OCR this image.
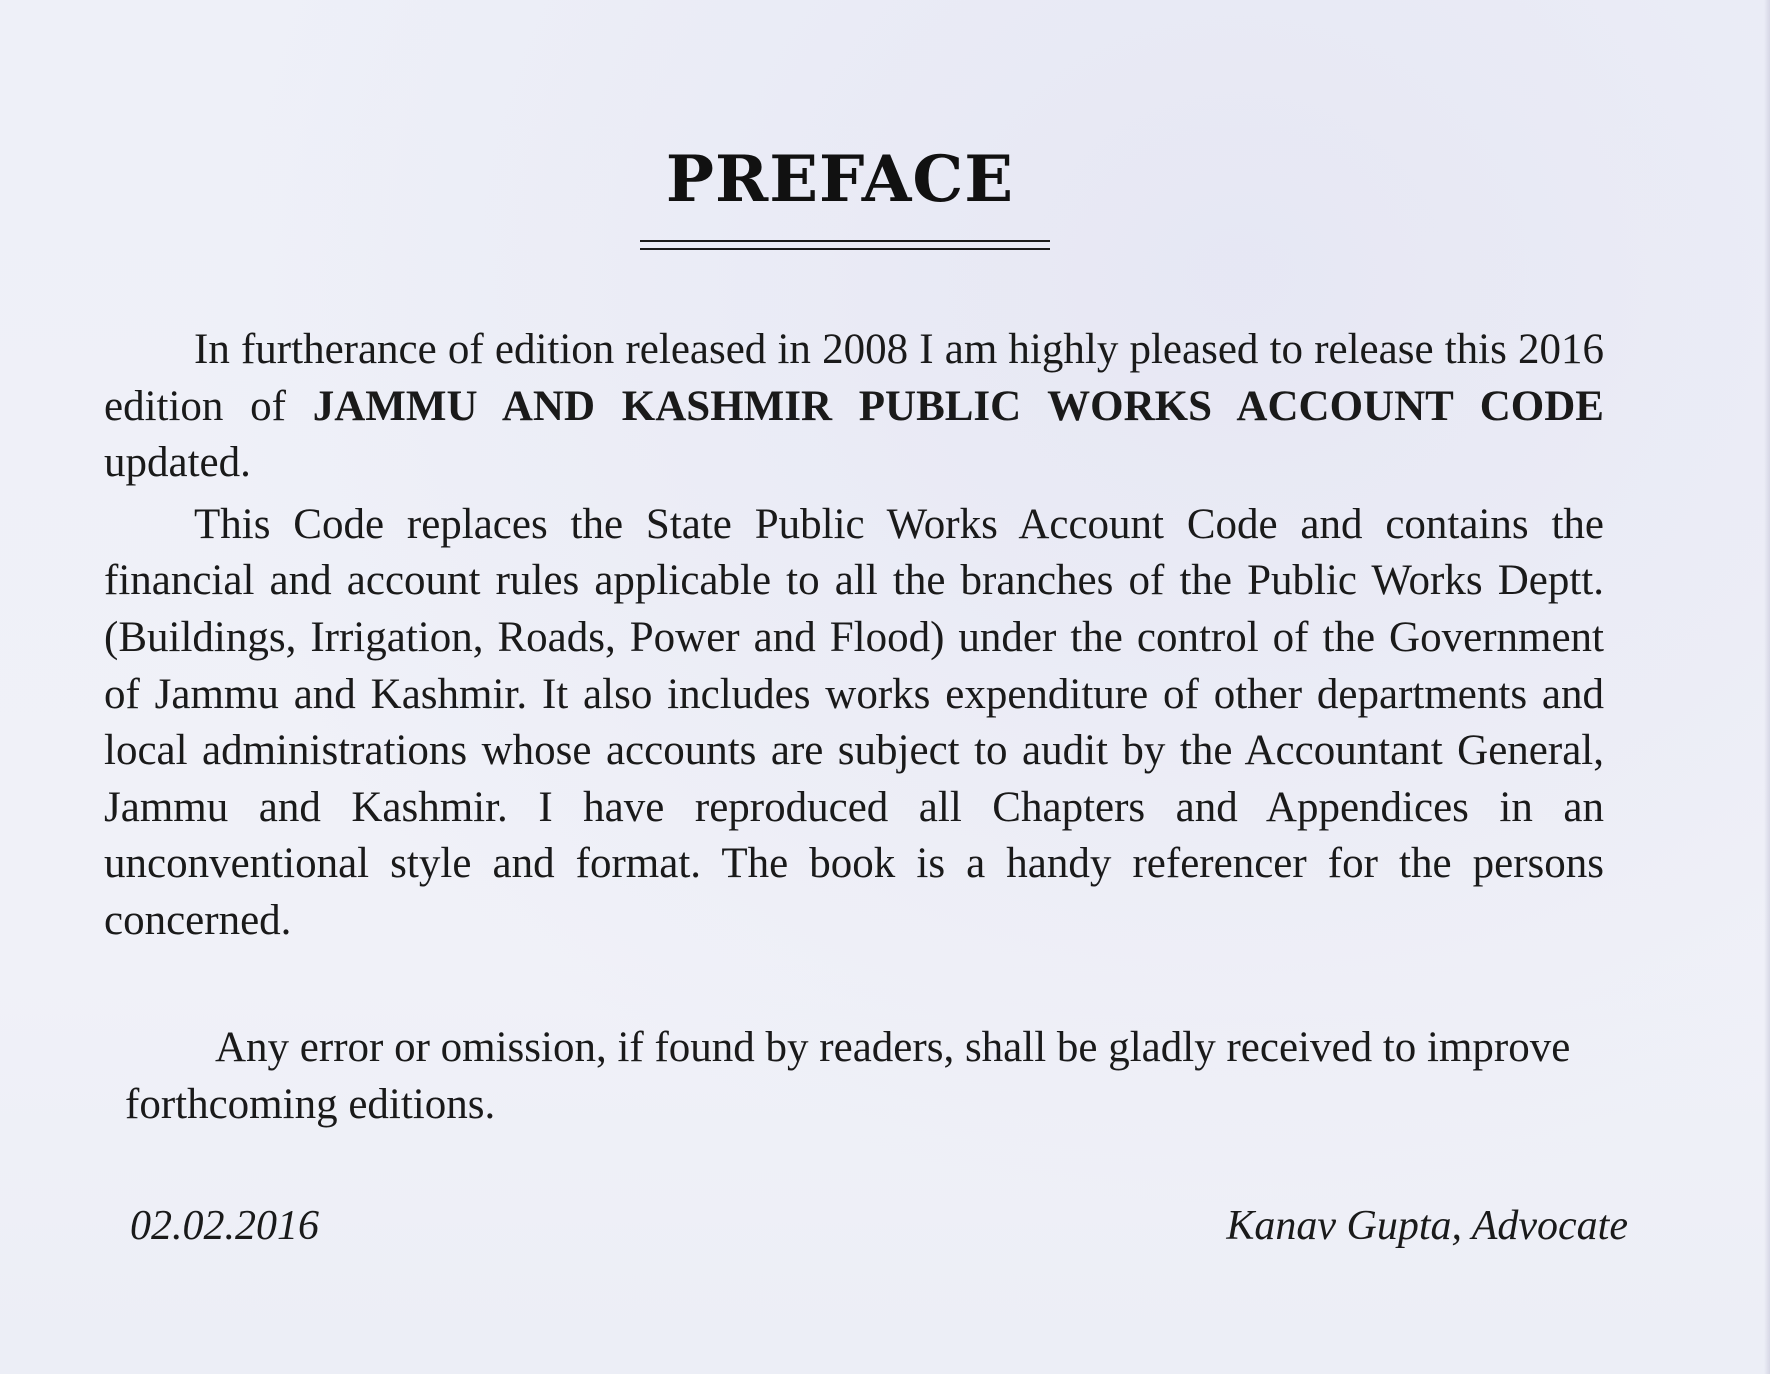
PREFACE

In furtherance of edition released in 2008 I am highly pleased to release this 2016 edition of JAMMU AND KASHMIR PUBLIC WORKS ACCOUNT CODE updated.

This Code replaces the State Public Works Account Code and contains the financial and account rules applicable to all the branches of the Public Works Deptt. (Buildings, Irrigation, Roads, Power and Flood) under the control of the Government of Jammu and Kashmir. It also includes works expenditure of other departments and local administrations whose accounts are subject to audit by the Accountant General, Jammu and Kashmir. I have reproduced all Chapters and Appendices in an unconventional style and format. The book is a handy referencer for the persons concerned.

Any error or omission, if found by readers, shall be gladly received to improve forthcoming editions.

02.02.2016	Kanav Gupta, Advocate
